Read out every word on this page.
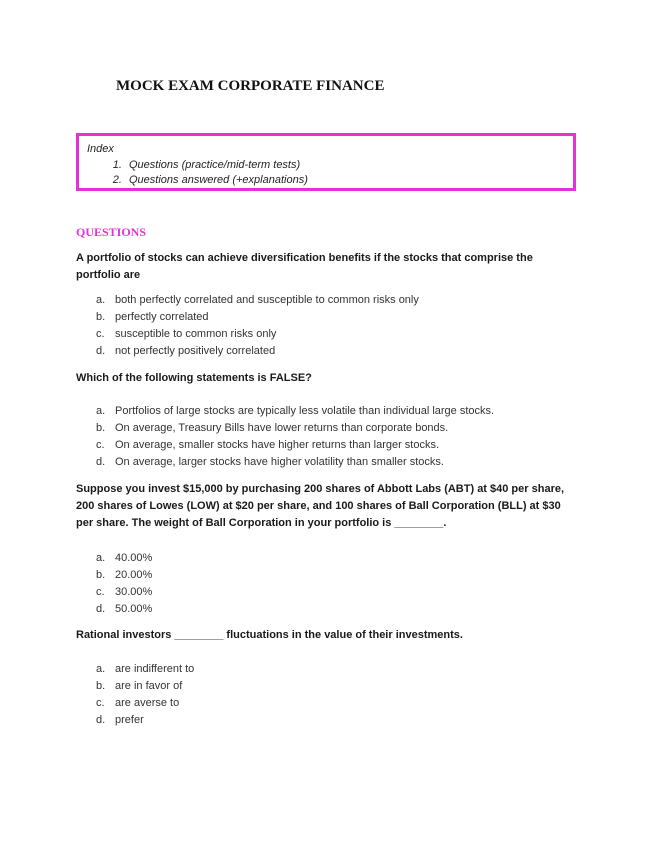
MOCK EXAM CORPORATE FINANCE
Index
1. Questions (practice/mid-term tests)
2. Questions answered (+explanations)
QUESTIONS

A portfolio of stocks can achieve diversification benefits if the stocks that comprise the portfolio are

a. both perfectly correlated and susceptible to common risks only
b. perfectly correlated
c. susceptible to common risks only
d. not perfectly positively correlated

Which of the following statements is FALSE?

a. Portfolios of large stocks are typically less volatile than individual large stocks.
b. On average, Treasury Bills have lower returns than corporate bonds.
c. On average, smaller stocks have higher returns than larger stocks.
d. On average, larger stocks have higher volatility than smaller stocks.

Suppose you invest $15,000 by purchasing 200 shares of Abbott Labs (ABT) at $40 per share, 200 shares of Lowes (LOW) at $20 per share, and 100 shares of Ball Corporation (BLL) at $30 per share. The weight of Ball Corporation in your portfolio is ________.

a. 40.00%
b. 20.00%
c. 30.00%
d. 50.00%

Rational investors ________ fluctuations in the value of their investments.

a. are indifferent to
b. are in favor of
c. are averse to
d. prefer
